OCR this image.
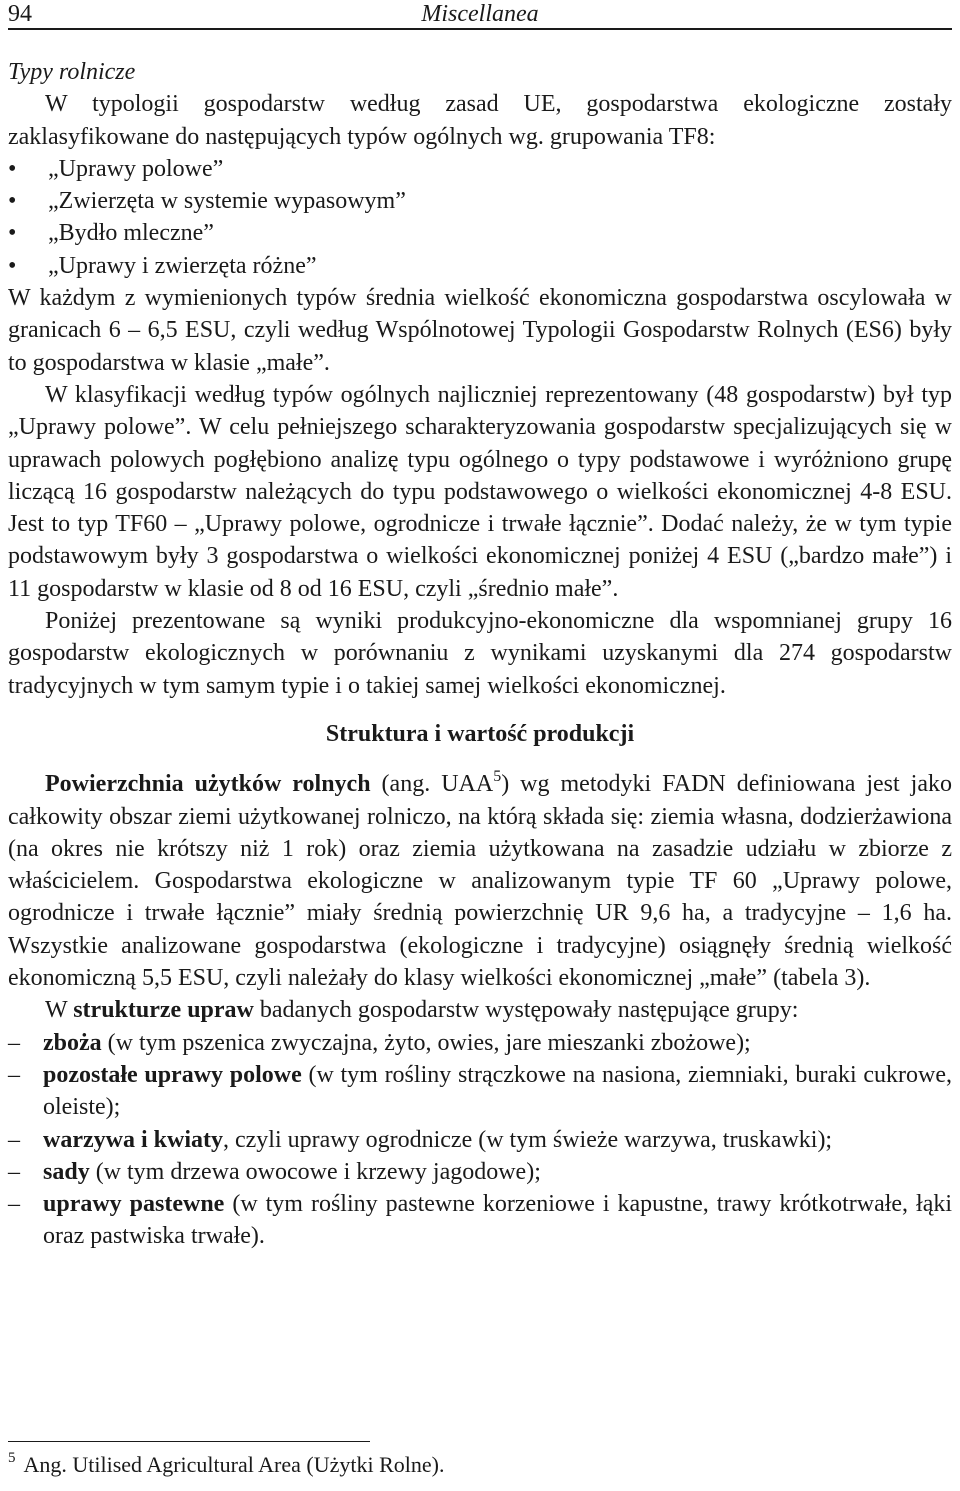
94	Miscellanea
Typy rolnicze

W typologii gospodarstw według zasad UE, gospodarstwa ekologiczne zostały zaklasyfikowane do następujących typów ogólnych wg. grupowania TF8:

• „Uprawy polowe”
• „Zwierzęta w systemie wypasowym”
• „Bydło mleczne”
• „Uprawy i zwierzęta różne”

W każdym z wymienionych typów średnia wielkość ekonomiczna gospodarstwa oscylowała w granicach 6 – 6,5 ESU, czyli według Wspólnotowej Typologii Gospodarstw Rolnych (ES6) były to gospodarstwa w klasie „małe”.

W klasyfikacji według typów ogólnych najliczniej reprezentowany (48 gospodarstw) był typ „Uprawy polowe”. W celu pełniejszego scharakteryzowania gospodarstw specjalizujących się w uprawach polowych pogłębiono analizę typu ogólnego o typy podstawowe i wyróżniono grupę liczącą 16 gospodarstw należących do typu podstawowego o wielkości ekonomicznej 4-8 ESU. Jest to typ TF60 – „Uprawy polowe, ogrodnicze i trwałe łącznie”. Dodać należy, że w tym typie podstawowym były 3 gospodarstwa o wielkości ekonomicznej poniżej 4 ESU („bardzo małe”) i 11 gospodarstw w klasie od 8 od 16 ESU, czyli „średnio małe”.

Poniżej prezentowane są wyniki produkcyjno-ekonomiczne dla wspomnianej grupy 16 gospodarstw ekologicznych w porównaniu z wynikami uzyskanymi dla 274 gospodarstw tradycyjnych w tym samym typie i o takiej samej wielkości ekonomicznej.

Struktura i wartość produkcji

Powierzchnia użytków rolnych (ang. UAA$^5$) wg metodyki FADN definiowana jest jako całkowity obszar ziemi użytkowanej rolniczo, na którą składa się: ziemia własna, dodzierżawiona (na okres nie krótszy niż 1 rok) oraz ziemia użytkowana na zasadzie udziału w zbiorze z właścicielem. Gospodarstwa ekologiczne w analizowanym typie TF 60 „Uprawy polowe, ogrodnicze i trwałe łącznie” miały średnią powierzchnię UR 9,6 ha, a tradycyjne – 1,6 ha. Wszystkie analizowane gospodarstwa (ekologiczne i tradycyjne) osiągnęły średnią wielkość ekonomiczną 5,5 ESU, czyli należały do klasy wielkości ekonomicznej „małe” (tabela 3).

W strukturze upraw badanych gospodarstw występowały następujące grupy:

– zboża (w tym pszenica zwyczajna, żyto, owies, jare mieszanki zbożowe);
– pozostałe uprawy polowe (w tym rośliny strączkowe na nasiona, ziemniaki, buraki cukrowe, oleiste);
– warzywa i kwiaty, czyli uprawy ogrodnicze (w tym świeże warzywa, truskawki);
– sady (w tym drzewa owocowe i krzewy jagodowe);
– uprawy pastewne (w tym rośliny pastewne korzeniowe i kapustne, trawy krótkotrwałe, łąki oraz pastwiska trwałe).
$^5$ Ang. Utilised Agricultural Area (Użytki Rolne).
